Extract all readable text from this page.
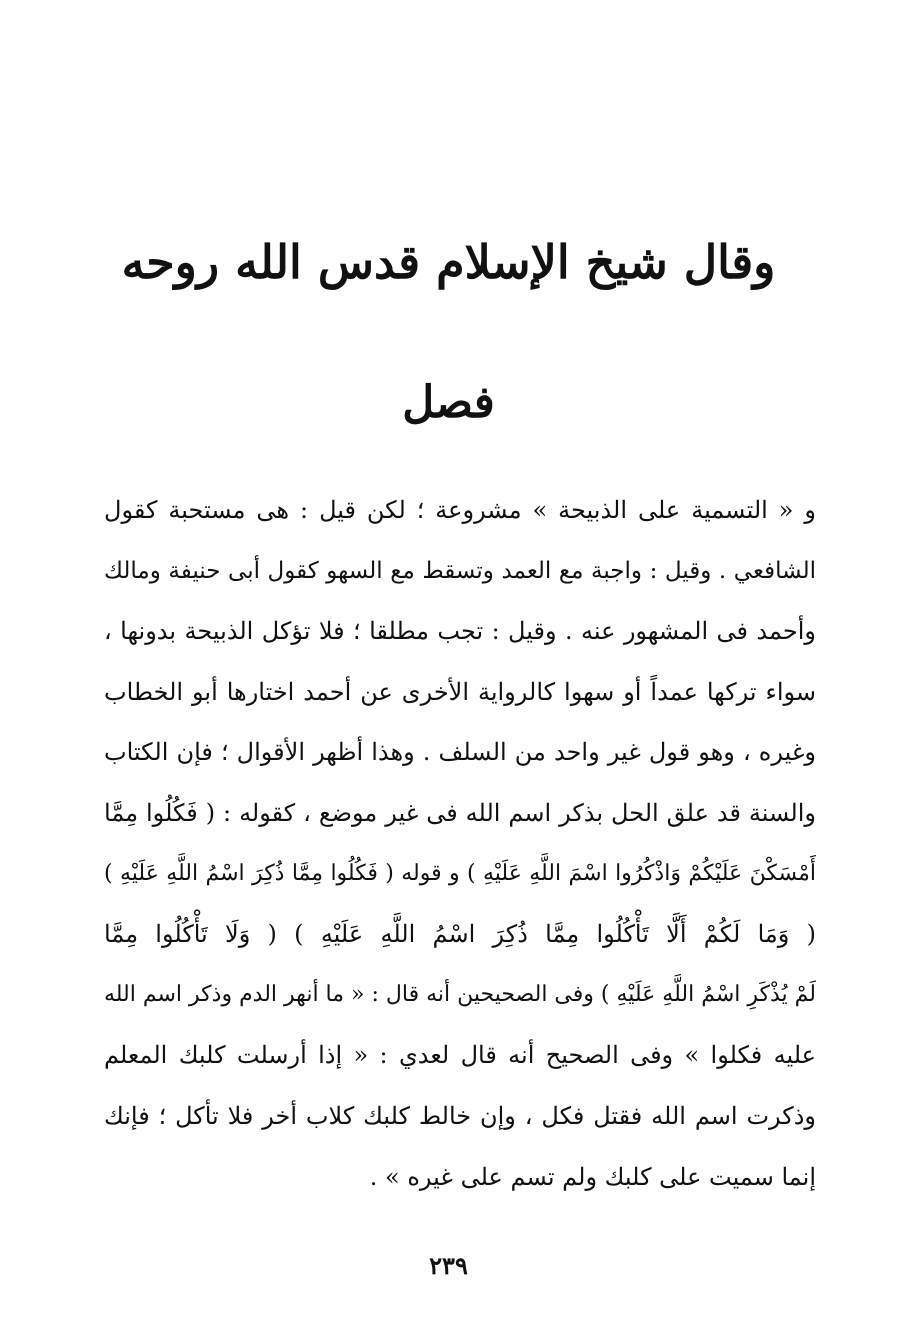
وقال شيخ الإسلام قدس الله روحه
فصل
و « التسمية على الذبيحة » مشروعة ؛ لكن قيل : هى مستحبة كقول
الشافعي . وقيل : واجبة مع العمد وتسقط مع السهو كقول أبى حنيفة ومالك
وأحمد فى المشهور عنه . وقيل : تجب مطلقا ؛ فلا تؤكل الذبيحة بدونها ،
سواء تركها عمداً أو سهوا كالرواية الأخرى عن أحمد اختارها أبو الخطاب
وغيره ، وهو قول غير واحد من السلف . وهذا أظهر الأقوال ؛ فإن الكتاب
والسنة قد علق الحل بذكر اسم الله فى غير موضع ، كقوله : ( فَكُلُوا مِمَّا
أَمْسَكْنَ عَلَيْكُمْ وَاذْكُرُوا اسْمَ اللَّهِ عَلَيْهِ ) و قوله ( فَكُلُوا مِمَّا ذُكِرَ اسْمُ اللَّهِ عَلَيْهِ )
( وَمَا لَكُمْ أَلَّا تَأْكُلُوا مِمَّا ذُكِرَ اسْمُ اللَّهِ عَلَيْهِ ) ( وَلَا تَأْكُلُوا مِمَّا
لَمْ يُذْكَرِ اسْمُ اللَّهِ عَلَيْهِ ) وفى الصحيحين أنه قال : « ما أنهر الدم وذكر اسم الله
عليه فكلوا » وفى الصحيح أنه قال لعدي : « إذا أرسلت كلبك المعلم
وذكرت اسم الله فقتل فكل ، وإن خالط كلبك كلاب أخر فلا تأكل ؛ فإنك
إنما سميت على كلبك ولم تسم على غيره » .
٢٣٩
